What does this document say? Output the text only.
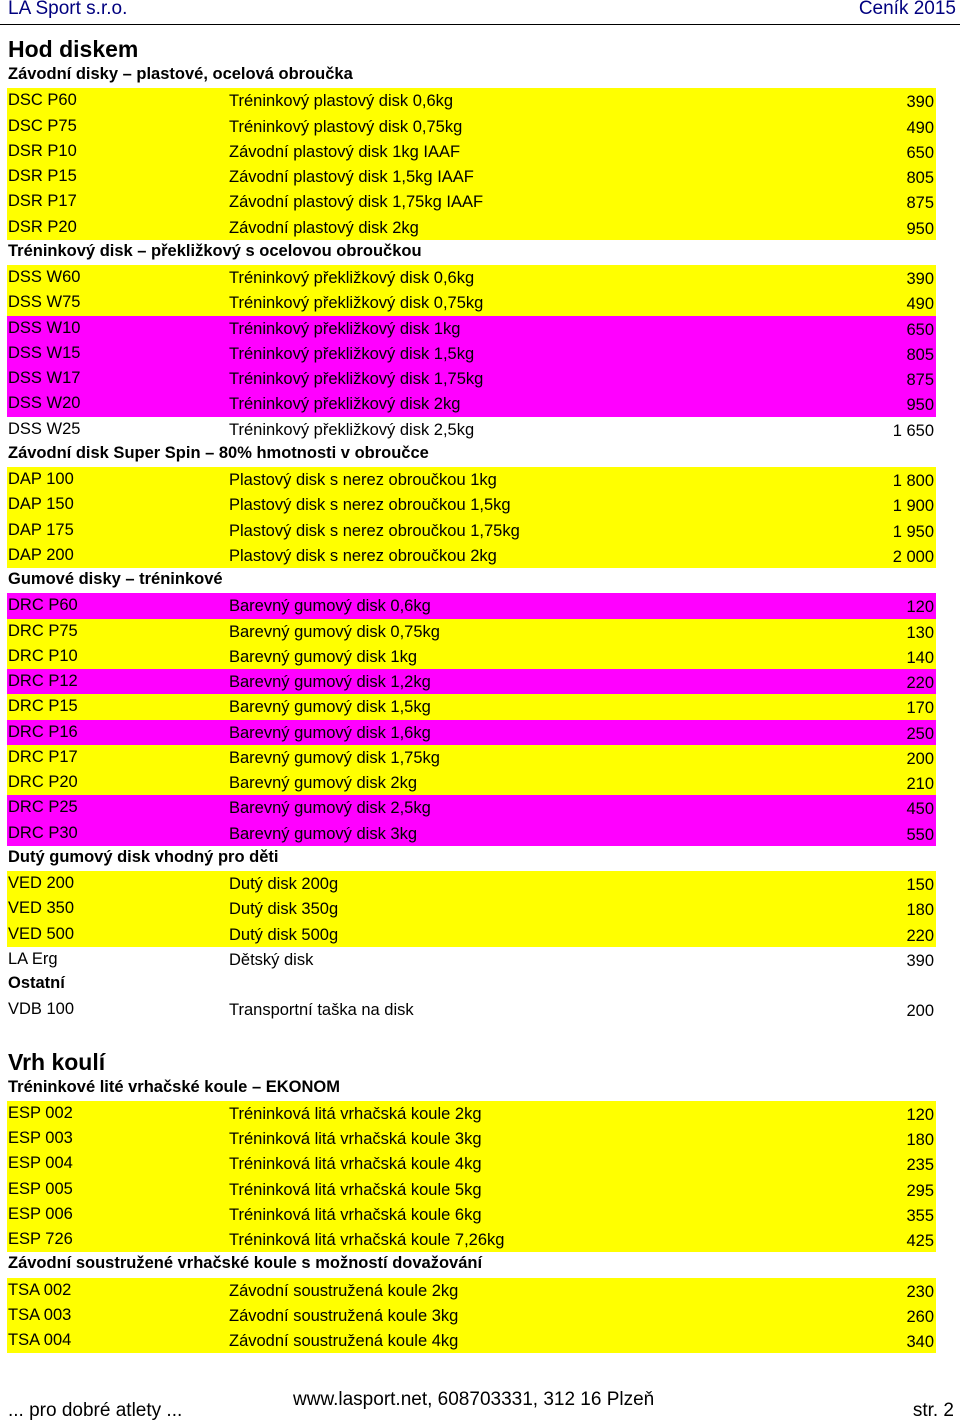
LA Sport s.r.o.	Ceník 2015
Hod diskem
Závodní disky – plastové, ocelová obroučka
DSC P60	Tréninkový plastový disk 0,6kg	390
DSC P75	Tréninkový plastový disk 0,75kg	490
DSR P10	Závodní plastový disk 1kg IAAF	650
DSR P15	Závodní plastový disk 1,5kg IAAF	805
DSR P17	Závodní plastový disk 1,75kg IAAF	875
DSR P20	Závodní plastový disk 2kg	950
Tréninkový disk – překližkový s ocelovou obroučkou
DSS W60	Tréninkový překližkový disk 0,6kg	390
DSS W75	Tréninkový překližkový disk 0,75kg	490
DSS W10	Tréninkový překližkový disk 1kg	650
DSS W15	Tréninkový překližkový disk 1,5kg	805
DSS W17	Tréninkový překližkový disk 1,75kg	875
DSS W20	Tréninkový překližkový disk 2kg	950
DSS W25	Tréninkový překližkový disk 2,5kg	1 650
Závodní disk Super Spin – 80% hmotnosti v obroučce
DAP 100	Plastový disk s nerez obroučkou 1kg	1 800
DAP 150	Plastový disk s nerez obroučkou 1,5kg	1 900
DAP 175	Plastový disk s nerez obroučkou 1,75kg	1 950
DAP 200	Plastový disk s nerez obroučkou 2kg	2 000
Gumové disky – tréninkové
DRC P60	Barevný gumový disk 0,6kg	120
DRC P75	Barevný gumový disk 0,75kg	130
DRC P10	Barevný gumový disk 1kg	140
DRC P12	Barevný gumový disk 1,2kg	220
DRC P15	Barevný gumový disk 1,5kg	170
DRC P16	Barevný gumový disk 1,6kg	250
DRC P17	Barevný gumový disk 1,75kg	200
DRC P20	Barevný gumový disk 2kg	210
DRC P25	Barevný gumový disk 2,5kg	450
DRC P30	Barevný gumový disk 3kg	550
Dutý gumový disk vhodný pro děti
VED 200	Dutý disk 200g	150
VED 350	Dutý disk 350g	180
VED 500	Dutý disk 500g	220
LA Erg	Dětský disk	390
Ostatní
VDB 100	Transportní taška na disk	200
Vrh koulí
Tréninkové lité vrhačské koule – EKONOM
ESP 002	Tréninková litá vrhačská koule 2kg	120
ESP 003	Tréninková litá vrhačská koule 3kg	180
ESP 004	Tréninková litá vrhačská koule 4kg	235
ESP 005	Tréninková litá vrhačská koule 5kg	295
ESP 006	Tréninková litá vrhačská koule 6kg	355
ESP 726	Tréninková litá vrhačská koule 7,26kg	425
Závodní soustružené vrhačské koule s možností dovažování
TSA 002	Závodní soustružená koule 2kg	230
TSA 003	Závodní soustružená koule 3kg	260
TSA 004	Závodní soustružená koule 4kg	340
... pro dobré atlety ...
www.lasport.net, 608703331, 312 16 Plzeň
str. 2
